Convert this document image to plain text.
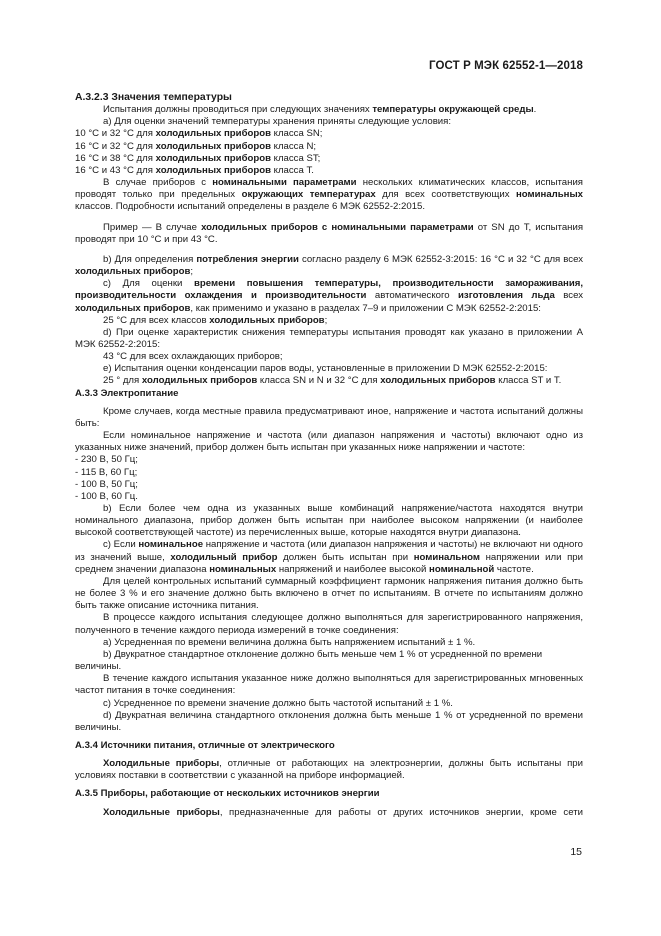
ГОСТ Р МЭК 62552-1—2018

A.3.2.3 Значения температуры

Испытания должны проводиться при следующих значениях температуры окружающей среды.

a) Для оценки значений температуры хранения приняты следующие условия:

10 °C и 32 °C для холодильных приборов класса SN;

16 °C и 32 °C для холодильных приборов класса N;

16 °C и 38 °C для холодильных приборов класса ST;

16 °C и 43 °C для холодильных приборов класса T.

В случае приборов с номинальными параметрами нескольких климатических классов, испытания проводят только при предельных окружающих температурах для всех соответствующих номинальных классов. Подробности испытаний определены в разделе 6 МЭК 62552-2:2015.

Пример — В случае холодильных приборов с номинальными параметрами от SN до T, испытания проводят при 10 °C и при 43 °C.

b) Для определения потребления энергии согласно разделу 6 МЭК 62552-3:2015: 16 °C и 32 °C для всех холодильных приборов;

c) Для оценки времени повышения температуры, производительности замораживания, производительности охлаждения и производительности автоматического изготовления льда всех холодильных приборов, как применимо и указано в разделах 7–9 и приложении C МЭК 62552-2:2015:

25 °C для всех классов холодильных приборов;

d) При оценке характеристик снижения температуры испытания проводят как указано в приложении A МЭК 62552-2:2015:

43 °C для всех охлаждающих приборов;

e) Испытания оценки конденсации паров воды, установленные в приложении D МЭК 62552-2:2015:

25 ° для холодильных приборов класса SN и N и 32 °C для холодильных приборов класса ST и T.

A.3.3 Электропитание

Кроме случаев, когда местные правила предусматривают иное, напряжение и частота испытаний должны быть:

Если номинальное напряжение и частота (или диапазон напряжения и частоты) включают одно из указанных ниже значений, прибор должен быть испытан при указанных ниже напряжении и частоте:

- 230 В, 50 Гц;

- 115 В, 60 Гц;

- 100 В, 50 Гц;

- 100 В, 60 Гц.

b) Если более чем одна из указанных выше комбинаций напряжение/частота находятся внутри номинального диапазона, прибор должен быть испытан при наиболее высоком напряжении (и наиболее высокой соответствующей частоте) из перечисленных выше, которые находятся внутри диапазона.

c) Если номинальное напряжение и частота (или диапазон напряжения и частоты) не включают ни одного из значений выше, холодильный прибор должен быть испытан при номинальном напряжении или при среднем значении диапазона номинальных напряжений и наиболее высокой номинальной частоте.

Для целей контрольных испытаний суммарный коэффициент гармоник напряжения питания должно быть не более 3 % и его значение должно быть включено в отчет по испытаниям. В отчете по испытаниям должно быть также описание источника питания.

В процессе каждого испытания следующее должно выполняться для зарегистрированного напряжения, полученного в течение каждого периода измерений в точке соединения:

a) Усредненная по времени величина должна быть напряжением испытаний ± 1 %.

b) Двукратное стандартное отклонение должно быть меньше чем 1 % от усредненной по времени величины.

В течение каждого испытания указанное ниже должно выполняться для зарегистрированных мгновенных частот питания в точке соединения:

c) Усредненное по времени значение должно быть частотой испытаний ± 1 %.

d) Двукратная величина стандартного отклонения должна быть меньше 1 % от усредненной по времени величины.

A.3.4 Источники питания, отличные от электрического

Холодильные приборы, отличные от работающих на электроэнергии, должны быть испытаны при условиях поставки в соответствии с указанной на приборе информацией.

A.3.5 Приборы, работающие от нескольких источников энергии

Холодильные приборы, предназначенные для работы от других источников энергии, кроме сети

15
